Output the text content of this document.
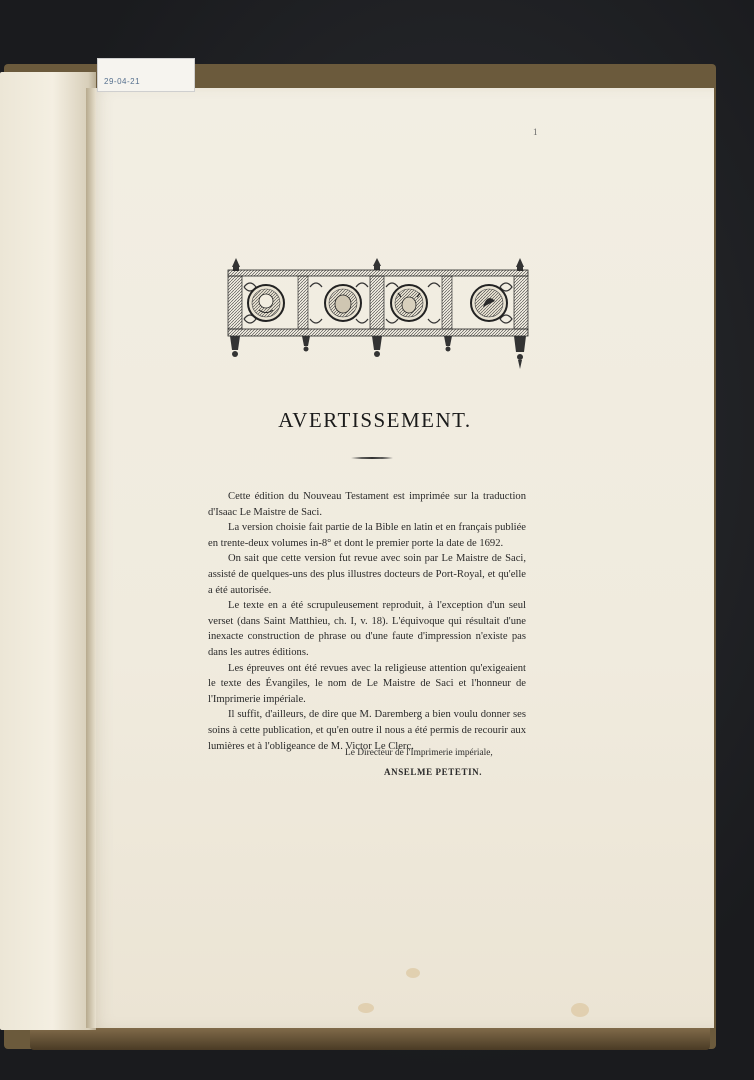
29-04-21
1
AVERTISSEMENT.

Cette édition du Nouveau Testament est imprimée sur la traduction d'Isaac Le Maistre de Saci.

La version choisie fait partie de la Bible en latin et en français publiée en trente-deux volumes in-8° et dont le premier porte la date de 1692.

On sait que cette version fut revue avec soin par Le Maistre de Saci, assisté de quelques-uns des plus illustres docteurs de Port-Royal, et qu'elle a été autorisée.

Le texte en a été scrupuleusement reproduit, à l'exception d'un seul verset (dans Saint Matthieu, ch. I, v. 18). L'équivoque qui résultait d'une inexacte construction de phrase ou d'une faute d'impression n'existe pas dans les autres éditions.

Les épreuves ont été revues avec la religieuse attention qu'exigeaient le texte des Évangiles, le nom de Le Maistre de Saci et l'honneur de l'Imprimerie impériale.

Il suffit, d'ailleurs, de dire que M. Daremberg a bien voulu donner ses soins à cette publication, et qu'en outre il nous a été permis de recourir aux lumières et à l'obligeance de M. Victor Le Clerc.

Le Directeur de l'Imprimerie impériale,
ANSELME PETETIN.
